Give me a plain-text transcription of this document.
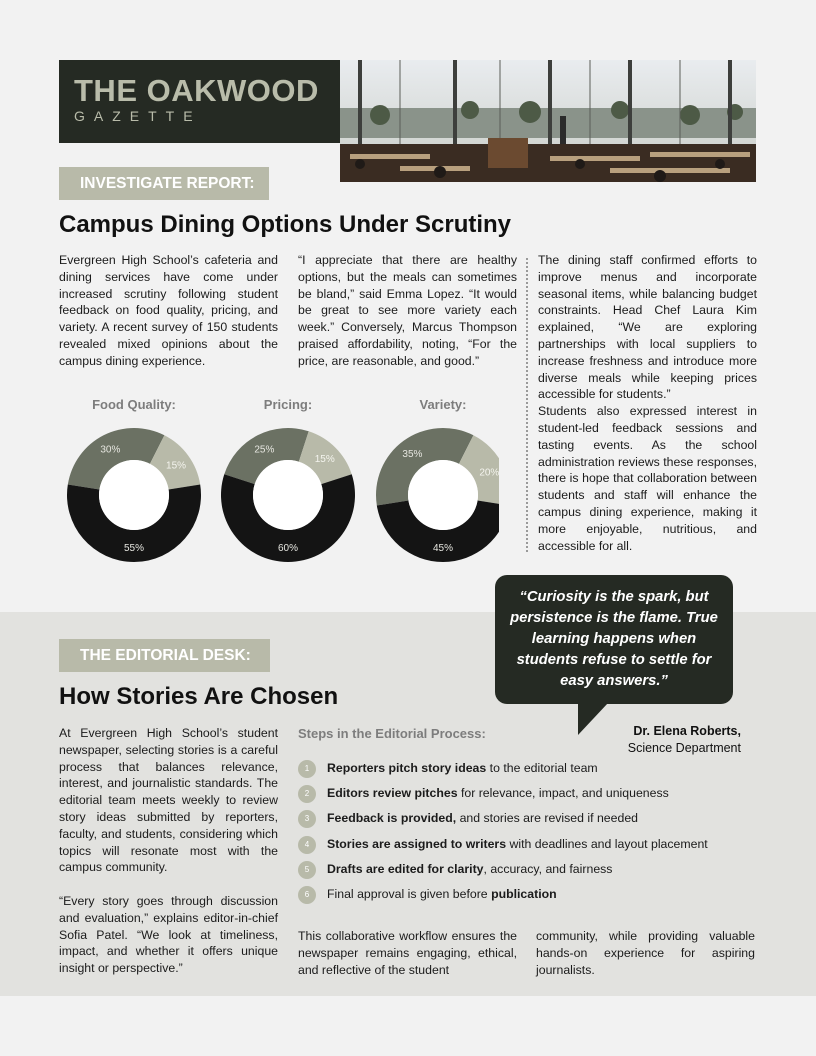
THE OAKWOOD
GAZETTE
INVESTIGATE REPORT:
Campus Dining Options Under Scrutiny
Evergreen High School’s cafeteria and dining services have come under increased scrutiny following student feedback on food quality, pricing, and variety. A recent survey of 150 students revealed mixed opinions about the campus dining experience.
“I appreciate that there are healthy options, but the meals can sometimes be bland,” said Emma Lopez. “It would be great to see more variety each week.” Conversely, Marcus Thompson praised affordability, noting, “For the price, are reasonable, and good.”
The dining staff confirmed efforts to improve menus and incorporate seasonal items, while balancing budget constraints. Head Chef Laura Kim explained, “We are exploring partnerships with local suppliers to increase freshness and introduce more diverse meals while keeping prices accessible for students.”
Students also expressed interest in student-led feedback sessions and tasting events. As the school administration reviews these responses, there is hope that collaboration between students and staff will enhance the campus dining experience, making it more enjoyable, nutritious, and accessible for all.
Food Quality:	Pricing:	Variety:
30%
15%
55%
25%
15%
60%
35%
20%
45%
THE EDITORIAL DESK:
How Stories Are Chosen
“Curiosity is the spark, but persistence is the flame. True learning happens when students refuse to settle for easy answers.”
Dr. Elena Roberts,
Science Department
At Evergreen High School’s student newspaper, selecting stories is a careful process that balances relevance, interest, and journalistic standards. The editorial team meets weekly to review story ideas submitted by reporters, faculty, and students, considering which topics will resonate most with the campus community.
“Every story goes through discussion and evaluation,” explains editor-in-chief Sofia Patel. “We look at timeliness, impact, and whether it offers unique insight or perspective.”
Steps in the Editorial Process:
1 Reporters pitch story ideas to the editorial team
2 Editors review pitches for relevance, impact, and uniqueness
3 Feedback is provided, and stories are revised if needed
4 Stories are assigned to writers with deadlines and layout placement
5 Drafts are edited for clarity, accuracy, and fairness
6 Final approval is given before publication
This collaborative workflow ensures the newspaper remains engaging, ethical, and reflective of the student
community, while providing valuable hands-on experience for aspiring journalists.
